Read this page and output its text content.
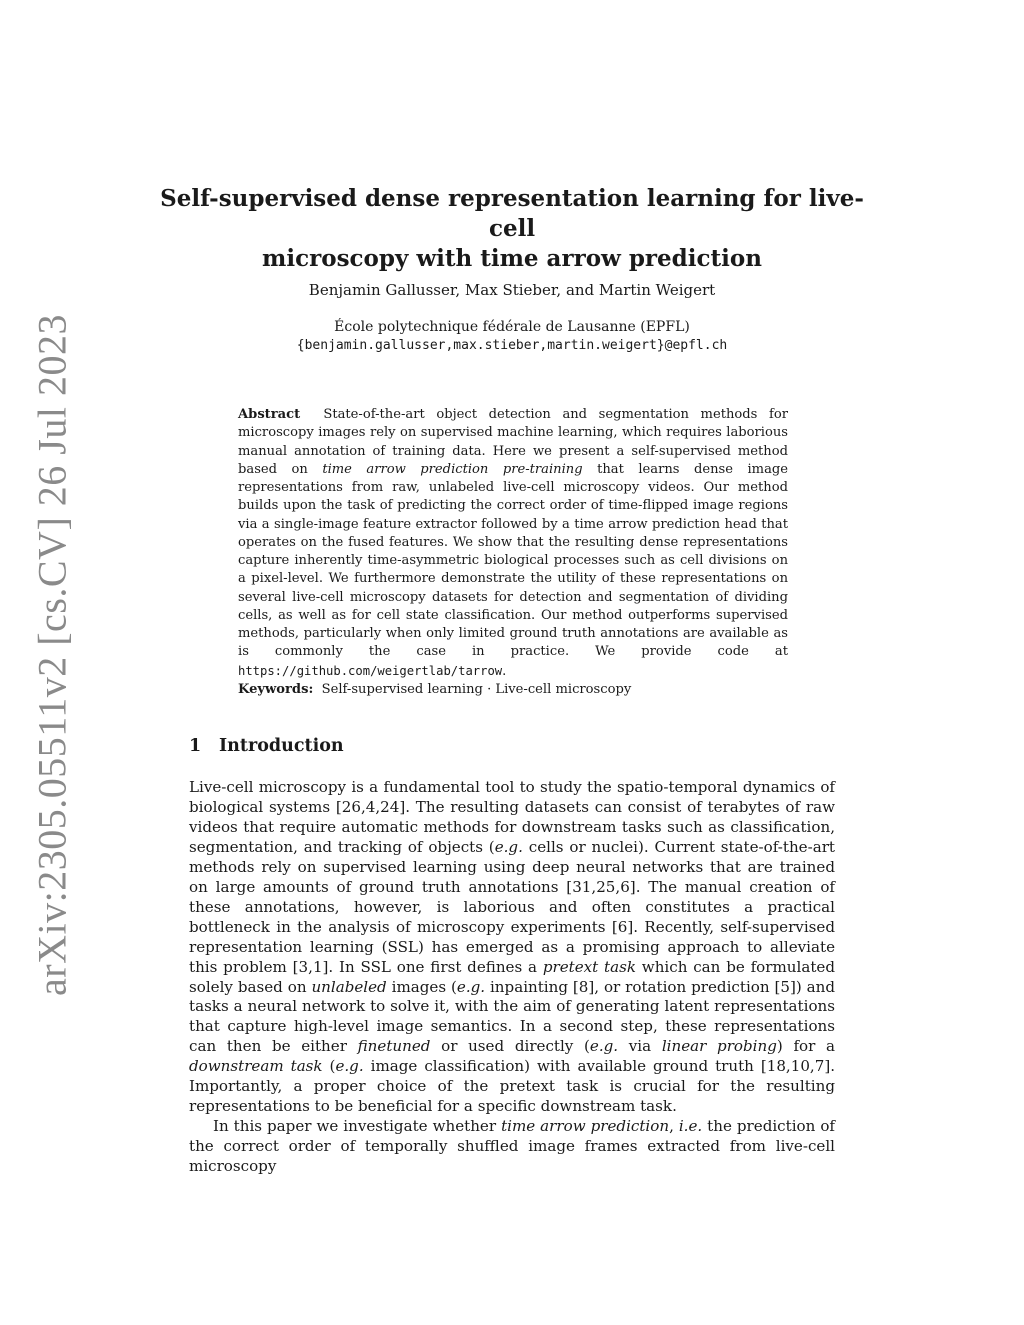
arXiv:2305.05511v2 [cs.CV] 26 Jul 2023
Self-supervised dense representation learning for live-cell
microscopy with time arrow prediction
Benjamin Gallusser, Max Stieber, and Martin Weigert
École polytechnique fédérale de Lausanne (EPFL)
{benjamin.gallusser,max.stieber,martin.weigert}@epfl.ch

Abstract State-of-the-art object detection and segmentation methods for microscopy images rely on supervised machine learning, which requires laborious manual annotation of training data. Here we present a self-supervised method based on time arrow prediction pre-training that learns dense image representations from raw, unlabeled live-cell microscopy videos. Our method builds upon the task of predicting the correct order of time-flipped image regions via a single-image feature extractor followed by a time arrow prediction head that operates on the fused features. We show that the resulting dense representations capture inherently time-asymmetric biological processes such as cell divisions on a pixel-level. We furthermore demonstrate the utility of these representations on several live-cell microscopy datasets for detection and segmentation of dividing cells, as well as for cell state classification. Our method outperforms supervised methods, particularly when only limited ground truth annotations are available as is commonly the case in practice. We provide code at https://github.com/weigertlab/tarrow.

Keywords: Self-supervised learning · Live-cell microscopy
1 Introduction

Live-cell microscopy is a fundamental tool to study the spatio-temporal dynamics of biological systems [26,4,24]. The resulting datasets can consist of terabytes of raw videos that require automatic methods for downstream tasks such as classification, segmentation, and tracking of objects (e.g. cells or nuclei). Current state-of-the-art methods rely on supervised learning using deep neural networks that are trained on large amounts of ground truth annotations [31,25,6]. The manual creation of these annotations, however, is laborious and often constitutes a practical bottleneck in the analysis of microscopy experiments [6]. Recently, self-supervised representation learning (SSL) has emerged as a promising approach to alleviate this problem [3,1]. In SSL one first defines a pretext task which can be formulated solely based on unlabeled images (e.g. inpainting [8], or rotation prediction [5]) and tasks a neural network to solve it, with the aim of generating latent representations that capture high-level image semantics. In a second step, these representations can then be either finetuned or used directly (e.g. via linear probing) for a downstream task (e.g. image classification) with available ground truth [18,10,7]. Importantly, a proper choice of the pretext task is crucial for the resulting representations to be beneficial for a specific downstream task.

In this paper we investigate whether time arrow prediction, i.e. the prediction of the correct order of temporally shuffled image frames extracted from live-cell microscopy
